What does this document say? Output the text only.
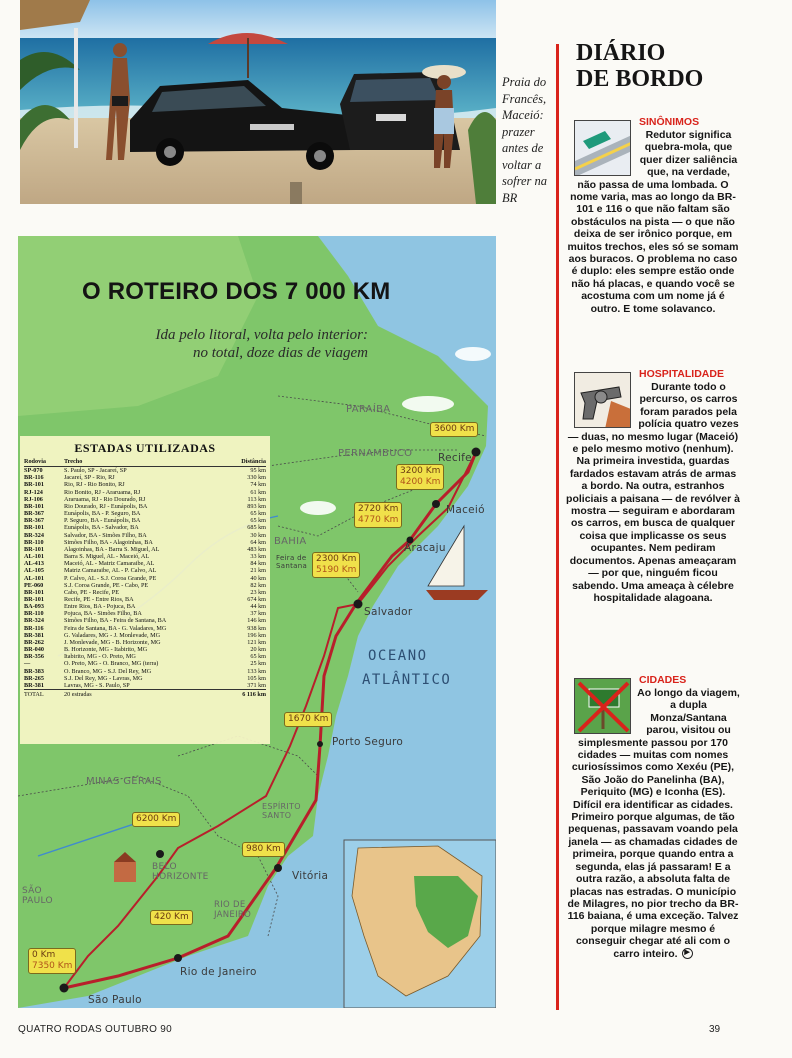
Praia do Francês, Maceió: prazer antes de voltar a sofrer na BR
O ROTEIRO DOS 7 000 KM
Ida pelo litoral, volta pelo interior: no total, doze dias de viagem
PARAÍBA
PERNAMBUCO Recife
Maceió
Aracaju
BAHIA
Feira de Santana
Salvador
OCEANO
ATLÂNTICO
Porto Seguro
MINAS GERAIS
BELO HORIZONTE
ESPÍRITO SANTO
Vitória
SÃO PAULO	RIO DE JANEIRO
Rio de Janeiro
São Paulo
3600 Km
3200 Km
4200 Km
2720 Km
4770 Km
2300 Km
5190 Km
1670 Km
6200 Km
980 Km
420 Km
0 Km
7350 Km
ESTADAS UTILIZADAS
Rodovia	Trecho	Distância
SP-070	S. Paulo, SP - Jacareí, SP	95 km
BR-116	Jacareí, SP - Rio, RJ	330 km
BR-101	Rio, RJ - Rio Bonito, RJ	74 km
RJ-124	Rio Bonito, RJ - Araruama, RJ	61 km
RJ-106	Araruama, RJ - Rio Dourado, RJ	113 km
BR-101	Rio Dourado, RJ - Eunápolis, BA	893 km
BR-367	Eunápolis, BA - P. Seguro, BA	65 km
BR-367	P. Seguro, BA - Eunápolis, BA	65 km
BR-101	Eunápolis, BA - Salvador, BA	685 km
BR-324	Salvador, BA - Simões Filho, BA	30 km
BR-110	Simões Filho, BA - Alagoinhas, BA	64 km
BR-101	Alagoinhas, BA - Barra S. Miguel, AL	483 km
AL-101	Barra S. Miguel, AL - Maceió, AL	33 km
AL-413	Maceió, AL - Matriz Camaraibe, AL	84 km
AL-105	Matriz Camaraibe, AL - P. Calvo, AL	21 km
AL-101	P. Calvo, AL - S.J. Coroa Grande, PE	40 km
PE-060	S.J. Coroa Grande, PE - Cabo, PE	82 km
BR-101	Cabo, PE - Recife, PE	23 km
BR-101	Recife, PE - Entre Rios, BA	674 km
BA-093	Entre Rios, BA - Pojuca, BA	44 km
BR-110	Pojuca, BA - Simões Filho, BA	37 km
BR-324	Simões Filho, BA - Feira de Santana, BA	146 km
BR-116	Feira de Santana, BA - G. Valadares, MG	938 km
BR-381	G. Valadares, MG - J. Monlevade, MG	196 km
BR-262	J. Monlevade, MG - B. Horizonte, MG	121 km
BR-040	B. Horizonte, MG - Itabirito, MG	20 km
BR-356	Itabirito, MG - O. Preto, MG	65 km
—	O. Preto, MG - O. Branco, MG (terra)	25 km
BR-383	O. Branco, MG - S.J. Del Rey, MG	133 km
BR-265	S.J. Del Rey, MG - Lavras, MG	105 km
BR-381	Lavras, MG - S. Paulo, SP	371 km
TOTAL	20 estradas	6 116 km
DIÁRIO
DE BORDO
SINÔNIMOS

Redutor significa quebra-mola, que quer dizer saliência que, na verdade, não passa de uma lombada. O nome varia, mas ao longo da BR-101 e 116 o que não faltam são obstáculos na pista — o que não deixa de ser irônico porque, em muitos trechos, eles só se somam aos buracos. O problema no caso é duplo: eles sempre estão onde não há placas, e quando você se acostuma com um nome já é outro. E tome solavanco.

HOSPITALIDADE

Durante todo o percurso, os carros foram parados pela polícia quatro vezes — duas, no mesmo lugar (Maceió) e pelo mesmo motivo (nenhum). Na primeira investida, guardas fardados estavam atrás de armas a bordo. Na outra, estranhos policiais a paisana — de revólver à mostra — seguiram e abordaram os carros, em busca de qualquer coisa que implicasse os seus ocupantes. Nem pediram documentos. Apenas ameaçaram — por que, ninguém ficou sabendo. Uma ameaça à célebre hospitalidade alagoana.

CIDADES

Ao longo da viagem, a dupla Monza/Santana parou, visitou ou simplesmente passou por 170 cidades — muitas com nomes curiosíssimos como Xexéu (PE), São João do Panelinha (BA), Periquito (MG) e Iconha (ES). Difícil era identificar as cidades. Primeiro porque algumas, de tão pequenas, passavam voando pela janela — as chamadas cidades de primeira, porque quando entra a segunda, elas já passaram! E a outra razão, a absoluta falta de placas nas estradas. O município de Milagres, no pior trecho da BR-116 baiana, é uma exceção. Talvez porque milagre mesmo é conseguir chegar até ali com o carro inteiro. ▶

QUATRO RODAS OUTUBRO 90	39
